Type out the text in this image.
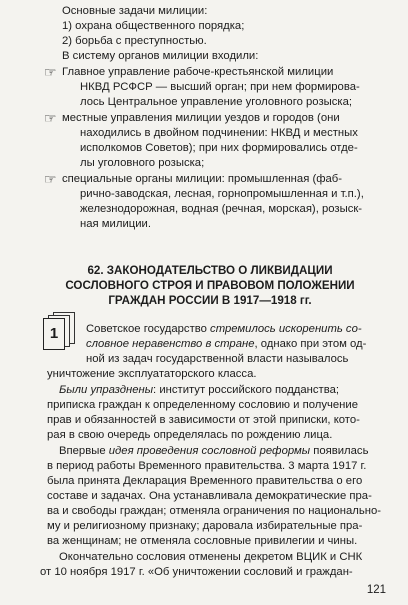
Основные задачи милиции:
1) охрана общественного порядка;
2) борьба с преступностью.
В систему органов милиции входили:
☞ Главное управление рабоче-крестьянской милиции
НКВД РСФСР — высший орган; при нем формирова-
лось Центральное управление уголовного розыска;
☞ местные управления милиции уездов и городов (они
находились в двойном подчинении: НКВД и местных
исполкомов Советов); при них формировались отде-
лы уголовного розыска;
☞ специальные органы милиции: промышленная (фаб-
рично-заводская, лесная, горнопромышленная и т.п.),
железнодорожная, водная (речная, морская), розыск-
ная милиции.
62. ЗАКОНОДАТЕЛЬСТВО О ЛИКВИДАЦИИ
СОСЛОВНОГО СТРОЯ И ПРАВОВОМ ПОЛОЖЕНИИ
ГРАЖДАН РОССИИ В 1917—1918 гг.
1	Советское государство стремилось искоренить со-
словное неравенство в стране, однако при этом од-
ной из задач государственной власти называлось
уничтожение эксплуататорского класса.
Были упразднены: институт российского подданства;
приписка граждан к определенному сословию и получение
прав и обязанностей в зависимости от этой приписки, кото-
рая в свою очередь определялась по рождению лица.
Впервые идея проведения сословной реформы появилась
в период работы Временного правительства. 3 марта 1917 г.
была принята Декларация Временного правительства о его
составе и задачах. Она устанавливала демократические пра-
ва и свободы граждан; отменяла ограничения по национально-
му и религиозному признаку; даровала избирательные пра-
ва женщинам; не отменяла сословные привилегии и чины.
Окончательно сословия отменены декретом ВЦИК и СНК
от 10 ноября 1917 г. «Об уничтожении сословий и граждан-
121
